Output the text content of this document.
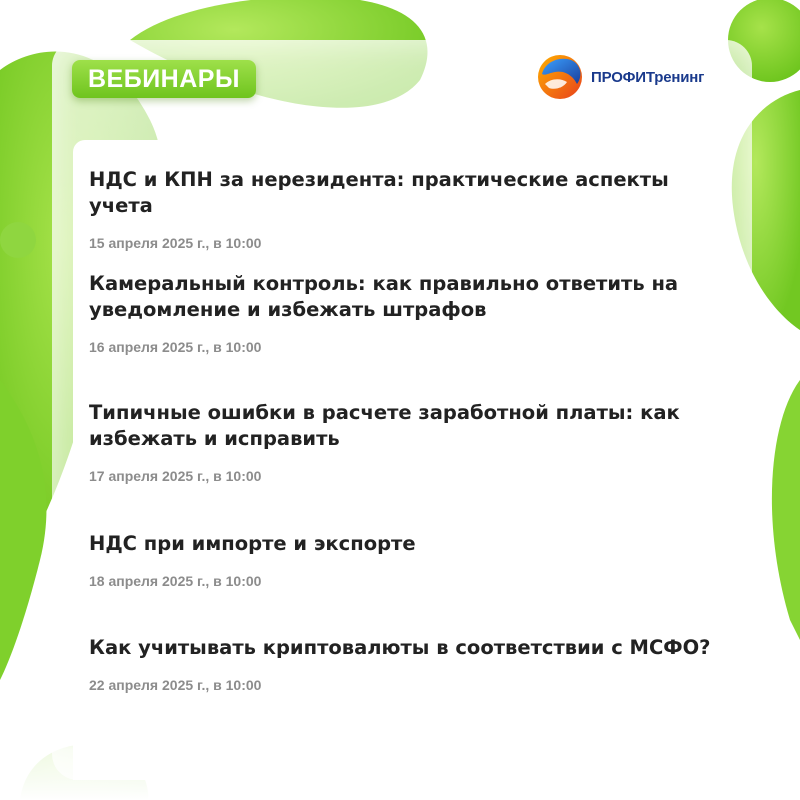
ВЕБИНАРЫ	ПРОФИТренинг

НДС и КПН за нерезидента: практические аспекты учета

15 апреля 2025 г., в 10:00

Камеральный контроль: как правильно ответить на уведомление и избежать штрафов

16 апреля 2025 г., в 10:00

Типичные ошибки в расчете заработной платы: как избежать и исправить

17 апреля 2025 г., в 10:00

НДС при импорте и экспорте

18 апреля 2025 г., в 10:00

Как учитывать криптовалюты в соответствии с МСФО?

22 апреля 2025 г., в 10:00
